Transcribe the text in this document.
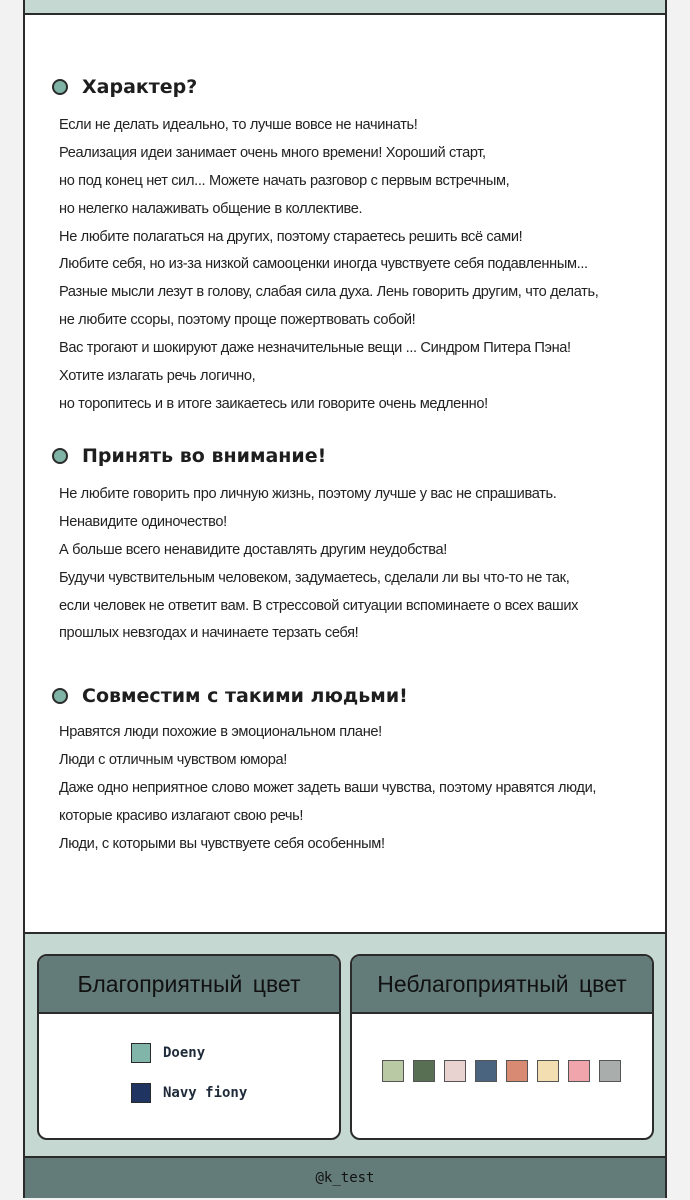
Характер?
Если не делать идеально, то лучше вовсе не начинать!
Реализация идеи занимает очень много времени! Хороший старт,
но под конец нет сил... Можете начать разговор с первым встречным,
но нелегко налаживать общение в коллективе.
Не любите полагаться на других, поэтому стараетесь решить всё сами!
Любите себя, но из-за низкой самооценки иногда чувствуете себя подавленным...
Разные мысли лезут в голову, слабая сила духа. Лень говорить другим, что делать,
не любите ссоры, поэтому проще пожертвовать собой!
Вас трогают и шокируют даже незначительные вещи ... Синдром Питера Пэна!
Хотите излагать речь логично,
но торопитесь и в итоге заикаетесь или говорите очень медленно!
Принять во внимание!
Не любите говорить про личную жизнь, поэтому лучше у вас не спрашивать.
Ненавидите одиночество!
А больше всего ненавидите доставлять другим неудобства!
Будучи чувствительным человеком, задумаетесь, сделали ли вы что-то не так,
если человек не ответит вам. В стрессовой ситуации вспоминаете о всех ваших
прошлых невзгодах и начинаете терзать себя!
Совместим с такими людьми!
Нравятся люди похожие в эмоциональном плане!
Люди с отличным чувством юмора!
Даже одно неприятное слово может задеть ваши чувства, поэтому нравятся люди,
которые красиво излагают свою речь!
Люди, с которыми вы чувствуете себя особенным!
Благоприятный цвет
Doeny
Navy fiony
Неблагоприятный цвет
@k_test
